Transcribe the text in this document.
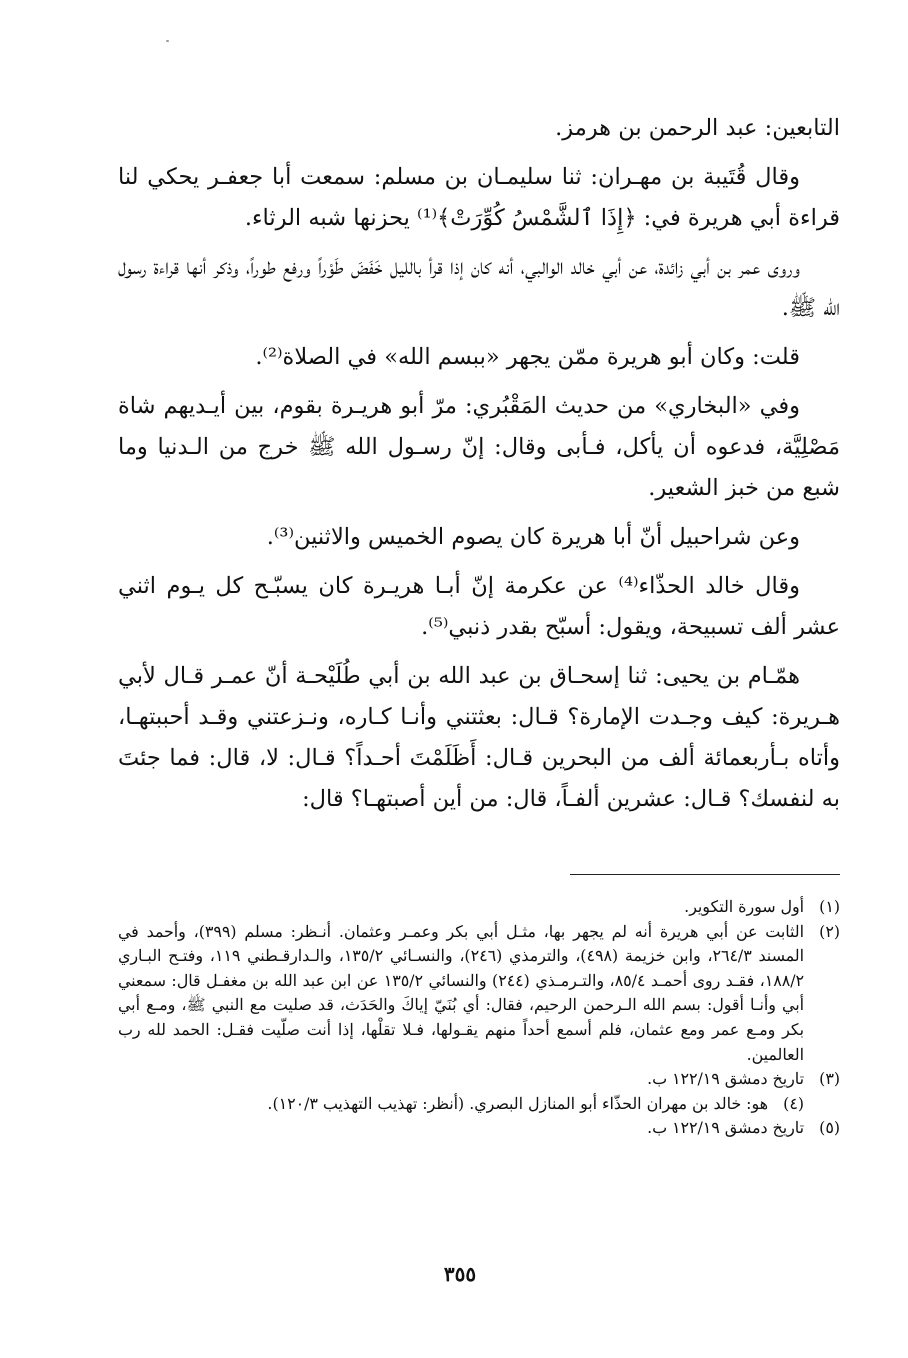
التابعين: عبد الرحمن بن هرمز.

وقال قُتَيبة بن مهـران: ثنا سليمـان بن مسلم: سمعت أبا جعفـر يحكي لنا قراءة أبي هريرة في: ﴿إِذَا ٱلشَّمْسُ كُوِّرَتْ﴾⁽¹⁾ يحزنها شبه الرثاء.

وروى عمر بن أبي زائدة، عن أبي خالد الوالبي، أنه كان إذا قرأ بالليل خَفَضَ طَوْراً ورفع طوراً، وذكر أنها قراءة رسول الله ﷺ.

قلت: وكان أبو هريرة ممّن يجهر «ببسم الله» في الصلاة⁽²⁾.

وفي «البخاري» من حديث المَقْبُري: مرّ أبو هريـرة بقوم، بين أيـديهم شاة مَصْلِيَّة، فدعوه أن يأكل، فـأبى وقال: إنّ رسـول الله ﷺ خرج من الـدنيا وما شبع من خبز الشعير.

وعن شراحبيل أنّ أبا هريرة كان يصوم الخميس والاثنين⁽³⁾.

وقال خالد الحذّاء⁽⁴⁾ عن عكرمة إنّ أبـا هريـرة كان يسبّـح كل يـوم اثني عشر ألف تسبيحة، ويقول: أسبّح بقدر ذنبي⁽⁵⁾.

همّـام بن يحيى: ثنا إسحـاق بن عبد الله بن أبي طُلَيْحـة أنّ عمـر قـال لأبي هـريرة: كيف وجـدت الإمارة؟ قـال: بعثتني وأنـا كـاره، ونـزعتني وقـد أحببتهـا، وأتاه بـأربعمائة ألف من البحرين قـال: أَظَلَمْتَ أحـداً؟ قـال: لا، قال: فما جئتَ به لنفسك؟ قـال: عشرين ألفـاً، قال: من أين أصبتهـا؟ قال:

(١)
أول سورة التكوير.
(٢)
الثابت عن أبي هريرة أنه لم يجهر بها، مثـل أبي بكر وعمـر وعثمان. أنـظر: مسلم (٣٩٩)، وأحمد في المسند ٢٦٤/٣، وابن خزيمة (٤٩٨)، والترمذي (٢٤٦)، والنسـائي ١٣٥/٢، والـدارقـطني ١١٩، وفتـح البـاري ١٨٨/٢، فقـد روى أحمـد ٨٥/٤، والتـرمـذي (٢٤٤) والنسائي ١٣٥/٢ عن ابن عبد الله بن مغفـل قال: سمعني أبي وأنـا أقول: بسم الله الـرحمن الرحيم، فقال: أي بُنَيّ إياكَ والحَدَث، قد صليت مع النبي ﷺ، ومـع أبي بكر ومـع عمر ومع عثمان، فلم أسمع أحداً منهم يقـولها، فـلا تقلْها، إذا أنت صلّيت فقـل: الحمد لله رب العالمين.
(٣)
تاريخ دمشق ١٢٢/١٩ ب.
(٤)
هو: خالد بن مهران الحذّاء أبو المنازل البصري. (أنظر: تهذيب التهذيب ١٢٠/٣).
(٥)
تاريخ دمشق ١٢٢/١٩ ب.
٣٥٥
